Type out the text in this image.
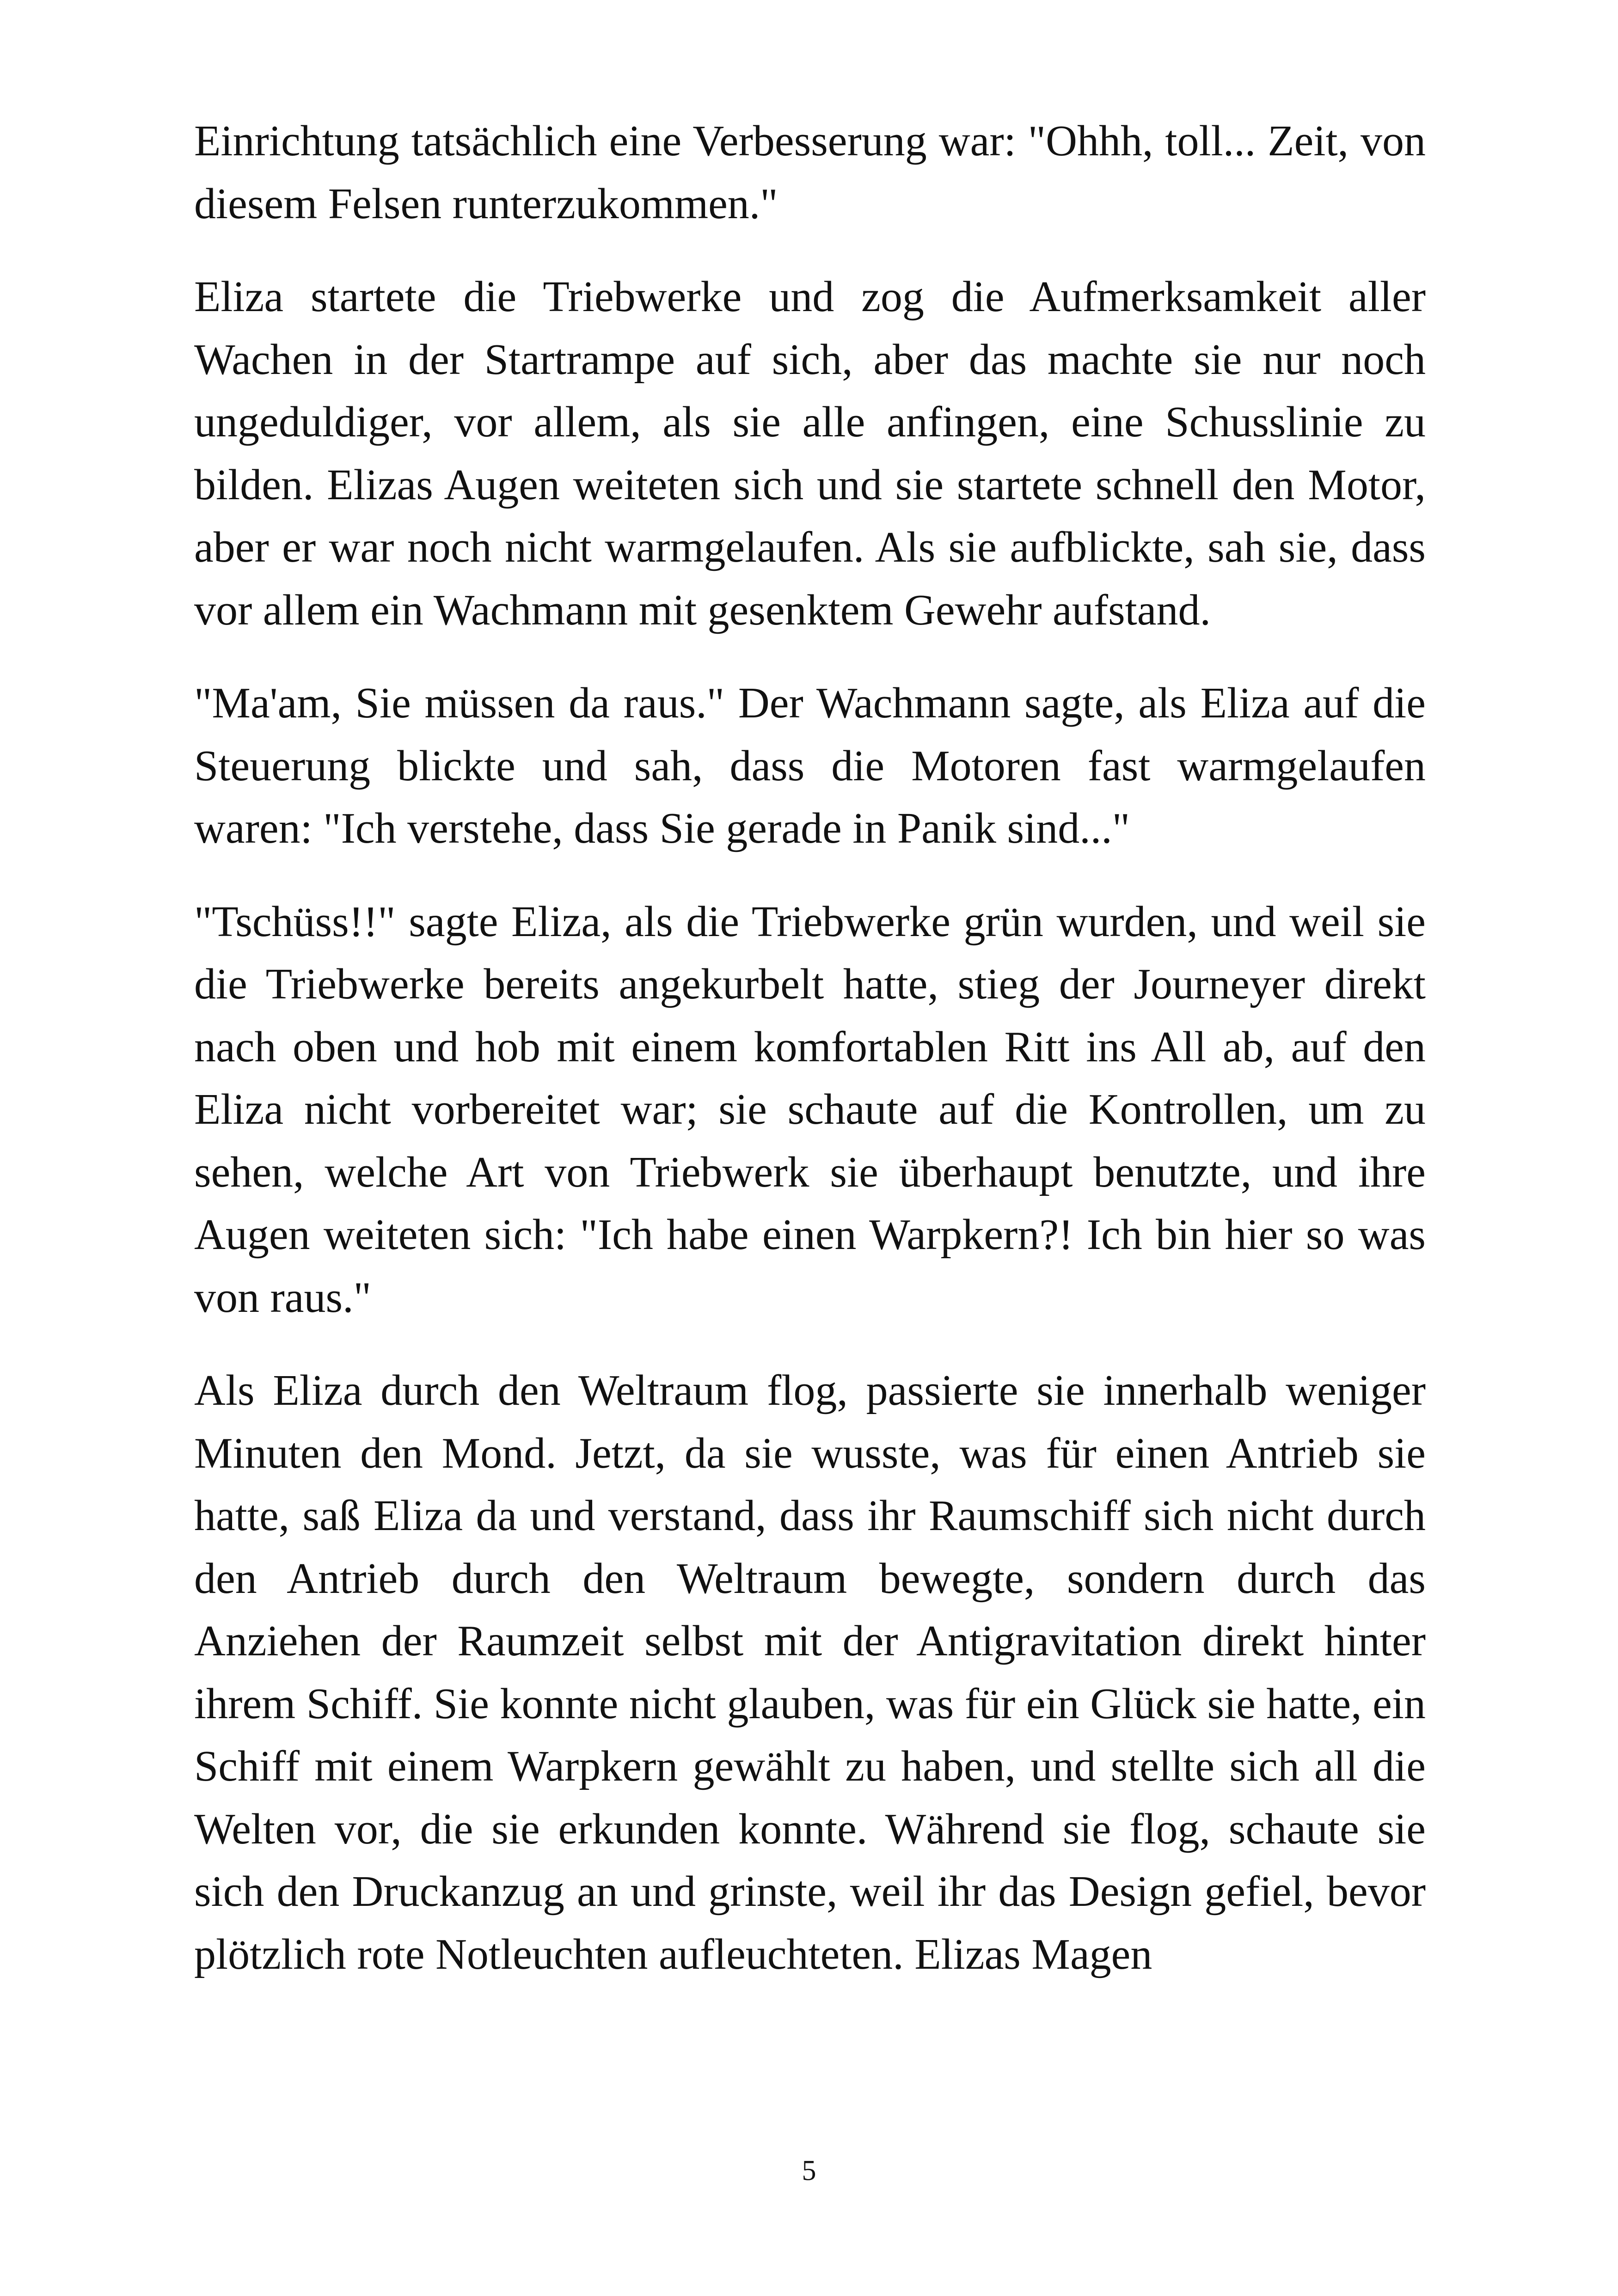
Einrichtung tatsächlich eine Verbesserung war: "Ohhh, toll... Zeit, von diesem Felsen runterzukommen."

Eliza startete die Triebwerke und zog die Aufmerksamkeit aller Wachen in der Startrampe auf sich, aber das machte sie nur noch ungeduldiger, vor allem, als sie alle anfingen, eine Schusslinie zu bilden. Elizas Augen weiteten sich und sie startete schnell den Motor, aber er war noch nicht warmgelaufen. Als sie aufblickte, sah sie, dass vor allem ein Wachmann mit gesenktem Gewehr aufstand.

"Ma'am, Sie müssen da raus." Der Wachmann sagte, als Eliza auf die Steuerung blickte und sah, dass die Motoren fast warmgelaufen waren: "Ich verstehe, dass Sie gerade in Panik sind..."

"Tschüss!!" sagte Eliza, als die Triebwerke grün wurden, und weil sie die Triebwerke bereits angekurbelt hatte, stieg der Journeyer direkt nach oben und hob mit einem komfortablen Ritt ins All ab, auf den Eliza nicht vorbereitet war; sie schaute auf die Kontrollen, um zu sehen, welche Art von Triebwerk sie überhaupt benutzte, und ihre Augen weiteten sich: "Ich habe einen Warpkern?! Ich bin hier so was von raus."

Als Eliza durch den Weltraum flog, passierte sie innerhalb weniger Minuten den Mond. Jetzt, da sie wusste, was für einen Antrieb sie hatte, saß Eliza da und verstand, dass ihr Raumschiff sich nicht durch den Antrieb durch den Weltraum bewegte, sondern durch das Anziehen der Raumzeit selbst mit der Antigravitation direkt hinter ihrem Schiff. Sie konnte nicht glauben, was für ein Glück sie hatte, ein Schiff mit einem Warpkern gewählt zu haben, und stellte sich all die Welten vor, die sie erkunden konnte. Während sie flog, schaute sie sich den Druckanzug an und grinste, weil ihr das Design gefiel, bevor plötzlich rote Notleuchten aufleuchteten. Elizas Magen

5
